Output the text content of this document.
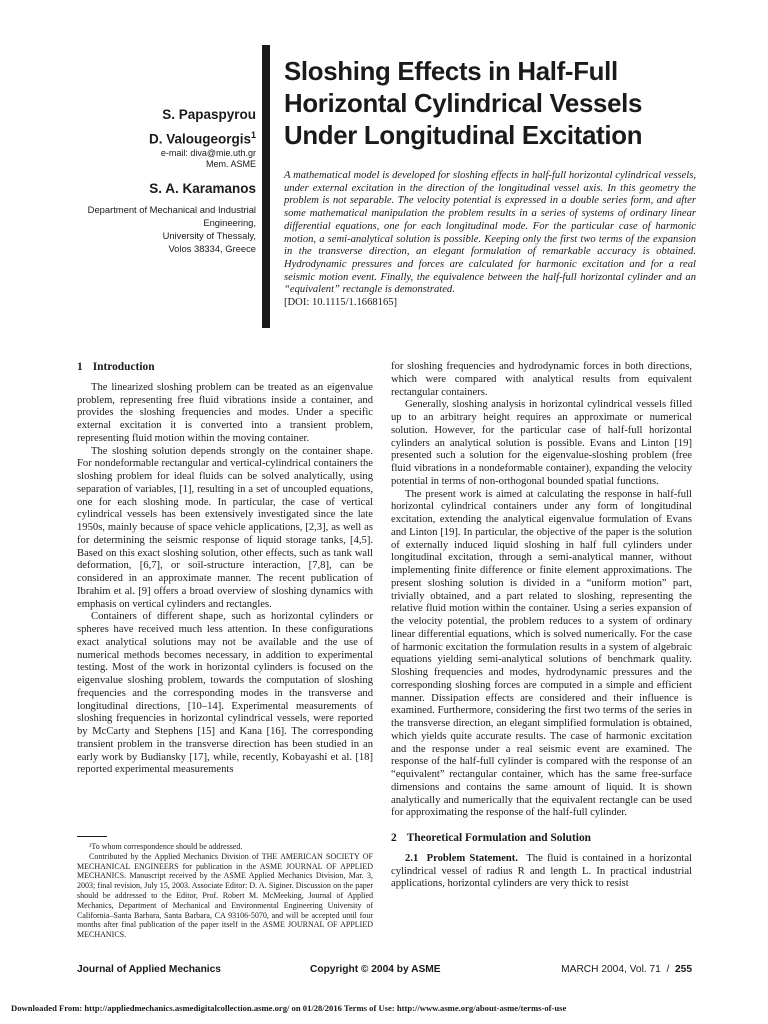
S. Papaspyrou
D. Valougeorgis$^1$
e-mail: diva@mie.uth.gr
Mem. ASME
S. A. Karamanos
Department of Mechanical and Industrial
Engineering,
University of Thessaly,
Volos 38334, Greece
Sloshing Effects in Half-Full
Horizontal Cylindrical Vessels
Under Longitudinal Excitation
A mathematical model is developed for sloshing effects in half-full horizontal cylindrical vessels, under external excitation in the direction of the longitudinal vessel axis. In this geometry the problem is not separable. The velocity potential is expressed in a double series form, and after some mathematical manipulation the problem results in a series of systems of ordinary linear differential equations, one for each longitudinal mode. For the particular case of harmonic motion, a semi-analytical solution is possible. Keeping only the first two terms of the expansion in the transverse direction, an elegant formulation of remarkable accuracy is obtained. Hydrodynamic pressures and forces are calculated for harmonic excitation and for a real seismic motion event. Finally, the equivalence between the half-full horizontal cylinder and an “equivalent” rectangle is demonstrated.
[DOI: 10.1115/1.1668165]
1 Introduction

The linearized sloshing problem can be treated as an eigenvalue problem, representing free fluid vibrations inside a container, and provides the sloshing frequencies and modes. Under a specific external excitation it is converted into a transient problem, representing fluid motion within the moving container.

The sloshing solution depends strongly on the container shape. For nondeformable rectangular and vertical-cylindrical containers the sloshing problem for ideal fluids can be solved analytically, using separation of variables, [1], resulting in a set of uncoupled equations, one for each sloshing mode. In particular, the case of vertical cylindrical vessels has been extensively investigated since the late 1950s, mainly because of space vehicle applications, [2,3], as well as for determining the seismic response of liquid storage tanks, [4,5]. Based on this exact sloshing solution, other effects, such as tank wall deformation, [6,7], or soil-structure interaction, [7,8], can be considered in an approximate manner. The recent publication of Ibrahim et al. [9] offers a broad overview of sloshing dynamics with emphasis on vertical cylinders and rectangles.

Containers of different shape, such as horizontal cylinders or spheres have received much less attention. In these configurations exact analytical solutions may not be available and the use of numerical methods becomes necessary, in addition to experimental testing. Most of the work in horizontal cylinders is focused on the eigenvalue sloshing problem, towards the computation of sloshing frequencies and the corresponding modes in the transverse and longitudinal directions, [10–14]. Experimental measurements of sloshing frequencies in horizontal cylindrical vessels, were reported by McCarty and Stephens [15] and Kana [16]. The corresponding transient problem in the transverse direction has been studied in an early work by Budiansky [17], while, recently, Kobayashi et al. [18] reported experimental measurements

¹To whom correspondence should be addressed.

Contributed by the Applied Mechanics Division of THE AMERICAN SOCIETY OF MECHANICAL ENGINEERS for publication in the ASME JOURNAL OF APPLIED MECHANICS. Manuscript received by the ASME Applied Mechanics Division, Mar. 3, 2003; final revision, July 15, 2003. Associate Editor: D. A. Siginer. Discussion on the paper should be addressed to the Editor, Prof. Robert M. McMeeking, Journal of Applied Mechanics, Department of Mechanical and Environmental Engineering University of California–Santa Barbara, Santa Barbara, CA 93106-5070, and will be accepted until four months after final publication of the paper itself in the ASME JOURNAL OF APPLIED MECHANICS.

for sloshing frequencies and hydrodynamic forces in both directions, which were compared with analytical results from equivalent rectangular containers.

Generally, sloshing analysis in horizontal cylindrical vessels filled up to an arbitrary height requires an approximate or numerical solution. However, for the particular case of half-full horizontal cylinders an analytical solution is possible. Evans and Linton [19] presented such a solution for the eigenvalue-sloshing problem (free fluid vibrations in a nondeformable container), expanding the velocity potential in terms of non-orthogonal bounded spatial functions.

The present work is aimed at calculating the response in half-full horizontal cylindrical containers under any form of longitudinal excitation, extending the analytical eigenvalue formulation of Evans and Linton [19]. In particular, the objective of the paper is the solution of externally induced liquid sloshing in half full cylinders under longitudinal excitation, through a semi-analytical manner, without implementing finite difference or finite element approximations. The present sloshing solution is divided in a “uniform motion” part, trivially obtained, and a part related to sloshing, representing the relative fluid motion within the container. Using a series expansion of the velocity potential, the problem reduces to a system of ordinary linear differential equations, which is solved numerically. For the case of harmonic excitation the formulation results in a system of algebraic equations yielding semi-analytical solutions of benchmark quality. Sloshing frequencies and modes, hydrodynamic pressures and the corresponding sloshing forces are computed in a simple and efficient manner. Dissipation effects are considered and their influence is examined. Furthermore, considering the first two terms of the series in the transverse direction, an elegant simplified formulation is obtained, which yields quite accurate results. The case of harmonic excitation and the response under a real seismic event are examined. The response of the half-full cylinder is compared with the response of an “equivalent” rectangular container, which has the same free-surface dimensions and contains the same amount of liquid. It is shown analytically and numerically that the equivalent rectangle can be used for approximating the response of the half-full cylinder.

2 Theoretical Formulation and Solution

2.1 Problem Statement. The fluid is contained in a horizontal cylindrical vessel of radius R and length L. In practical industrial applications, horizontal cylinders are very thick to resist

Journal of Applied Mechanics	Copyright © 2004 by ASME	MARCH 2004, Vol. 71  /  255
Downloaded From: http://appliedmechanics.asmedigitalcollection.asme.org/ on 01/28/2016 Terms of Use: http://www.asme.org/about-asme/terms-of-use
